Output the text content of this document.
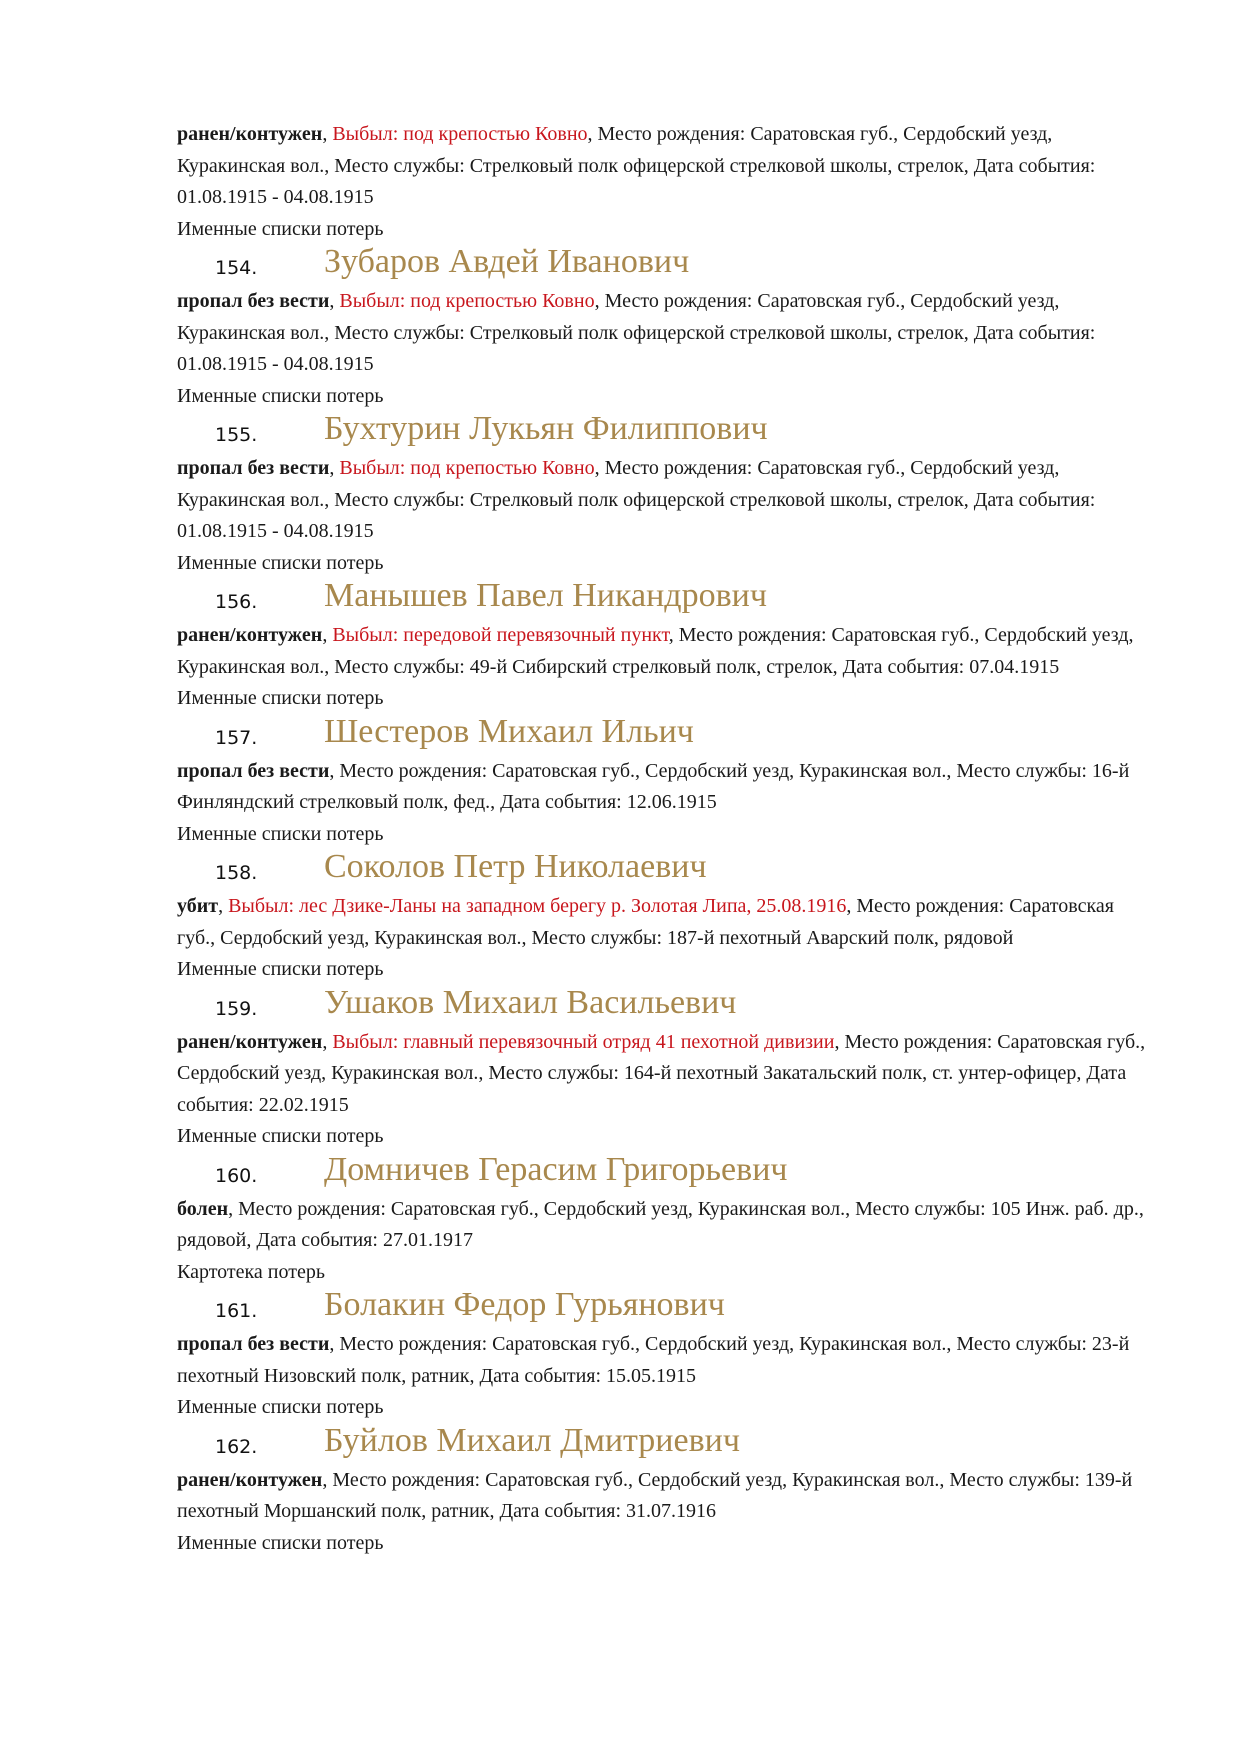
ранен/контужен, Выбыл: под крепостью Ковно, Место рождения: Саратовская губ., Сердобский уезд, Куракинская вол., Место службы: Стрелковый полк офицерской стрелковой школы, стрелок, Дата события: 01.08.1915 - 04.08.1915

Именные списки потерь

154. Зубаров Авдей Иванович

пропал без вести, Выбыл: под крепостью Ковно, Место рождения: Саратовская губ., Сердобский уезд, Куракинская вол., Место службы: Стрелковый полк офицерской стрелковой школы, стрелок, Дата события: 01.08.1915 - 04.08.1915

Именные списки потерь

155. Бухтурин Лукьян Филиппович

пропал без вести, Выбыл: под крепостью Ковно, Место рождения: Саратовская губ., Сердобский уезд, Куракинская вол., Место службы: Стрелковый полк офицерской стрелковой школы, стрелок, Дата события: 01.08.1915 - 04.08.1915

Именные списки потерь

156. Манышев Павел Никандрович

ранен/контужен, Выбыл: передовой перевязочный пункт, Место рождения: Саратовская губ., Сердобский уезд, Куракинская вол., Место службы: 49-й Сибирский стрелковый полк, стрелок, Дата события: 07.04.1915

Именные списки потерь

157. Шестеров Михаил Ильич

пропал без вести, Место рождения: Саратовская губ., Сердобский уезд, Куракинская вол., Место службы: 16-й Финляндский стрелковый полк, фед., Дата события: 12.06.1915

Именные списки потерь

158. Соколов Петр Николаевич

убит, Выбыл: лес Дзике-Ланы на западном берегу р. Золотая Липа, 25.08.1916, Место рождения: Саратовская губ., Сердобский уезд, Куракинская вол., Место службы: 187-й пехотный Аварский полк, рядовой

Именные списки потерь

159. Ушаков Михаил Васильевич

ранен/контужен, Выбыл: главный перевязочный отряд 41 пехотной дивизии, Место рождения: Саратовская губ., Сердобский уезд, Куракинская вол., Место службы: 164-й пехотный Закатальский полк, ст. унтер-офицер, Дата события: 22.02.1915

Именные списки потерь

160. Домничев Герасим Григорьевич

болен, Место рождения: Саратовская губ., Сердобский уезд, Куракинская вол., Место службы: 105 Инж. раб. др., рядовой, Дата события: 27.01.1917

Картотека потерь

161. Болакин Федор Гурьянович

пропал без вести, Место рождения: Саратовская губ., Сердобский уезд, Куракинская вол., Место службы: 23-й пехотный Низовский полк, ратник, Дата события: 15.05.1915

Именные списки потерь

162. Буйлов Михаил Дмитриевич

ранен/контужен, Место рождения: Саратовская губ., Сердобский уезд, Куракинская вол., Место службы: 139-й пехотный Моршанский полк, ратник, Дата события: 31.07.1916

Именные списки потерь
